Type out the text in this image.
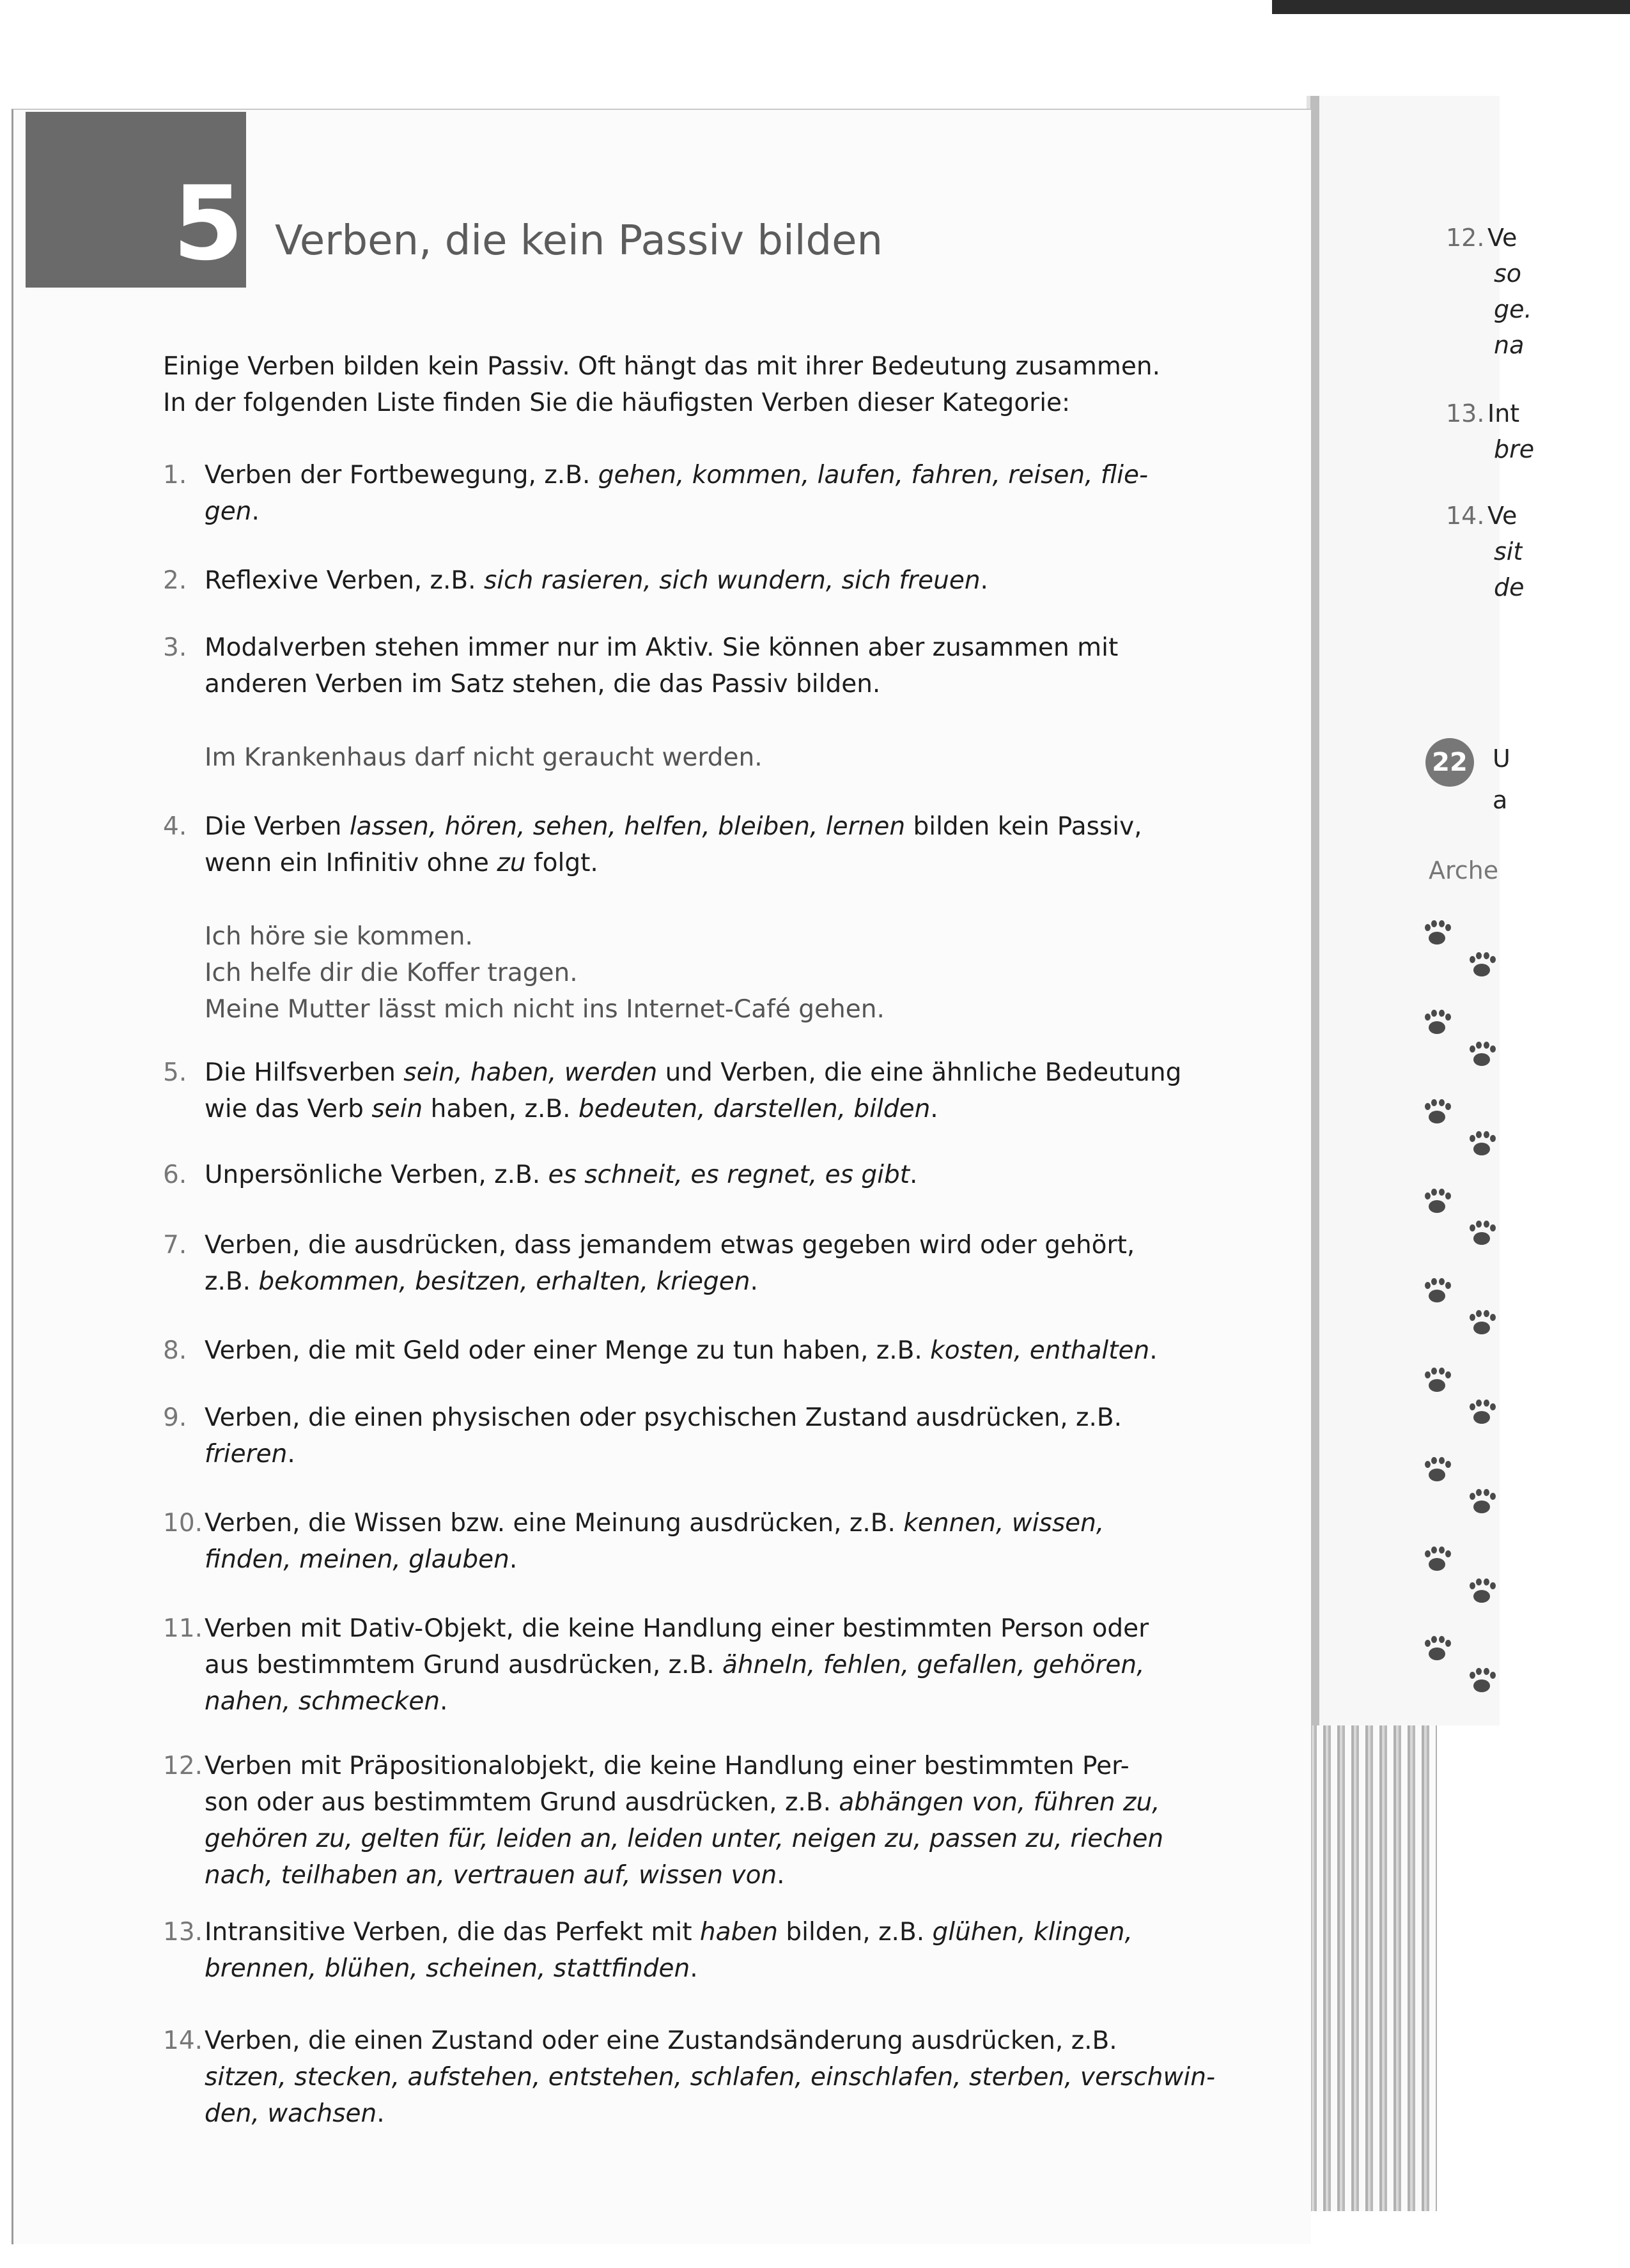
5 Verben, die kein Passiv bilden
Einige Verben bilden kein Passiv. Oft hängt das mit ihrer Bedeutung zusammen.
In der folgenden Liste finden Sie die häufigsten Verben dieser Kategorie:
1. Verben der Fortbewegung, z.B. gehen, kommen, laufen, fahren, reisen, flie-
gen.
2. Reflexive Verben, z.B. sich rasieren, sich wundern, sich freuen.
3. Modalverben stehen immer nur im Aktiv. Sie können aber zusammen mit
anderen Verben im Satz stehen, die das Passiv bilden.
Im Krankenhaus darf nicht geraucht werden.
4. Die Verben lassen, hören, sehen, helfen, bleiben, lernen bilden kein Passiv,
wenn ein Infinitiv ohne zu folgt.
Ich höre sie kommen.
Ich helfe dir die Koffer tragen.
Meine Mutter lässt mich nicht ins Internet-Café gehen.
5. Die Hilfsverben sein, haben, werden und Verben, die eine ähnliche Bedeutung
wie das Verb sein haben, z.B. bedeuten, darstellen, bilden.
6. Unpersönliche Verben, z.B. es schneit, es regnet, es gibt.
7. Verben, die ausdrücken, dass jemandem etwas gegeben wird oder gehört,
z.B. bekommen, besitzen, erhalten, kriegen.
8. Verben, die mit Geld oder einer Menge zu tun haben, z.B. kosten, enthalten.
9. Verben, die einen physischen oder psychischen Zustand ausdrücken, z.B.
frieren.
10. Verben, die Wissen bzw. eine Meinung ausdrücken, z.B. kennen, wissen,
finden, meinen, glauben.
11. Verben mit Dativ-Objekt, die keine Handlung einer bestimmten Person oder
aus bestimmtem Grund ausdrücken, z.B. ähneln, fehlen, gefallen, gehören,
nahen, schmecken.
12. Verben mit Präpositionalobjekt, die keine Handlung einer bestimmten Per-
son oder aus bestimmtem Grund ausdrücken, z.B. abhängen von, führen zu,
gehören zu, gelten für, leiden an, leiden unter, neigen zu, passen zu, riechen
nach, teilhaben an, vertrauen auf, wissen von.
13. Intransitive Verben, die das Perfekt mit haben bilden, z.B. glühen, klingen,
brennen, blühen, scheinen, stattfinden.
14. Verben, die einen Zustand oder eine Zustandsänderung ausdrücken, z.B.
sitzen, stecken, aufstehen, entstehen, schlafen, einschlafen, sterben, verschwin-
den, wachsen.
12. Ve
so
ge.
na
13. Int
bre
14. Ve
sit
de
22 U
a
Arche
